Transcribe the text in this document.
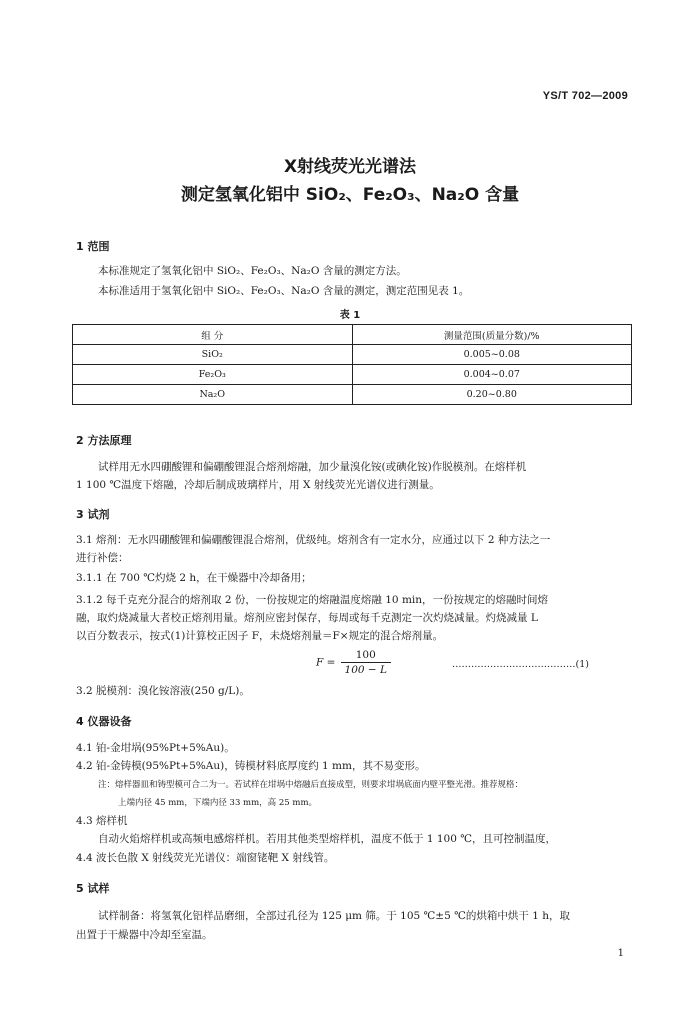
YS/T 702—2009
X射线荧光光谱法
测定氢氧化铝中 SiO₂、Fe₂O₃、Na₂O 含量
1 范围
本标准规定了氢氧化铝中 SiO₂、Fe₂O₃、Na₂O 含量的测定方法。
本标准适用于氢氧化铝中 SiO₂、Fe₂O₃、Na₂O 含量的测定，测定范围见表 1。
表 1
组 分	测量范围(质量分数)/%
SiO₂	0.005~0.08
Fe₂O₃	0.004~0.07
Na₂O	0.20~0.80
2 方法原理
试样用无水四硼酸锂和偏硼酸锂混合熔剂熔融，加少量溴化铵(或碘化铵)作脱模剂。在熔样机
1 100 ℃温度下熔融，冷却后制成玻璃样片，用 X 射线荧光光谱仪进行测量。
3 试剂
3.1 熔剂：无水四硼酸锂和偏硼酸锂混合熔剂，优级纯。熔剂含有一定水分，应通过以下 2 种方法之一
进行补偿：
3.1.1 在 700 ℃灼烧 2 h，在干燥器中冷却备用；
3.1.2 每千克充分混合的熔剂取 2 份，一份按规定的熔融温度熔融 10 min，一份按规定的熔融时间熔
融，取灼烧减量大者校正熔剂用量。熔剂应密封保存，每周或每千克测定一次灼烧减量。灼烧减量 L
以百分数表示，按式(1)计算校正因子 F，未烧熔剂量＝F×规定的混合熔剂量。
$F = \frac{100}{100 - L}$	…………………………………(1)
3.2 脱模剂：溴化铵溶液(250 g/L)。
4 仪器设备
4.1 铂-金坩埚(95%Pt+5%Au)。
4.2 铂-金铸模(95%Pt+5%Au)，铸模材料底厚度约 1 mm，其不易变形。
注：熔样器皿和铸型模可合二为一。若试样在坩埚中熔融后直接成型，则要求坩埚底面内壁平整光滑。推荐规格：
上端内径 45 mm，下端内径 33 mm，高 25 mm。
4.3 熔样机
自动火焰熔样机或高频电感熔样机。若用其他类型熔样机，温度不低于 1 100 ℃，且可控制温度，
4.4 波长色散 X 射线荧光光谱仪：端窗铑靶 X 射线管。
5 试样
试样制备：将氢氧化铝样品磨细，全部过孔径为 125 μm 筛。于 105 ℃±5 ℃的烘箱中烘干 1 h，取
出置于干燥器中冷却至室温。
1
